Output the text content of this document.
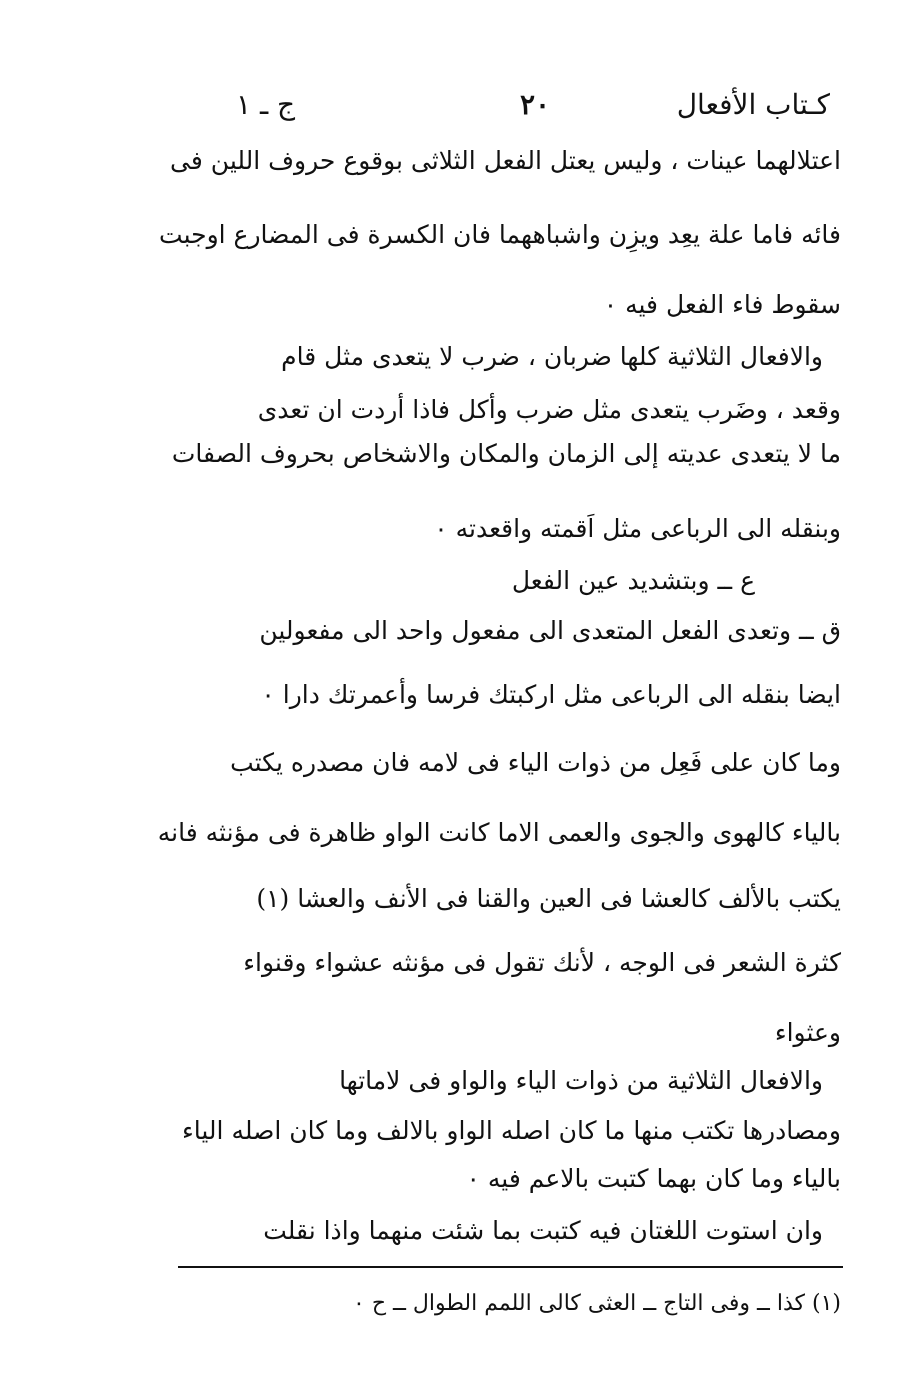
ج ـ ١	٢٠	كـتاب الأفعال
اعتلالهما عينات ، وليس يعتل الفعل الثلاثى بوقوع حروف اللين فى
فائه فاما علة يعِد ويزِن واشباههما فان الكسرة فى المضارع اوجبت
سقوط فاء الفعل فيه ٠
والافعال الثلاثية كلها ضربان ، ضرب لا يتعدى مثل قام
وقعد ، وضَرب يتعدى مثل ضرب وأكل فاذا أردت ان تعدى
ما لا يتعدى عديته إلى الزمان والمكان والاشخاص بحروف الصفات
وبنقله الى الرباعى مثل اَقمته واقعدته ٠
ع ــ وبتشديد عين الفعل
ق ــ وتعدى الفعل المتعدى الى مفعول واحد الى مفعولين
ايضا بنقله الى الرباعى مثل اركبتك فرسا وأعمرتك دارا ٠
وما كان على فَعِل من ذوات الياء فى لامه فان مصدره يكتب
بالياء كالهوى والجوى والعمى الاما كانت الواو ظاهرة فى مؤنثه فانه
يكتب بالألف كالعشا فى العين والقنا فى الأنف والعشا (١)
كثرة الشعر فى الوجه ، لأنك تقول فى مؤنثه عشواء وقنواء
وعثواء
والافعال الثلاثية من ذوات الياء والواو فى لاماتها
ومصادرها تكتب منها ما كان اصله الواو بالالف وما كان اصله الياء
بالياء وما كان بهما كتبت بالاعم فيه ٠
وان استوت اللغتان فيه كتبت بما شئت منهما واذا نقلت
(١) كذا ــ وفى التاج ــ العثى كالى اللمم الطوال ــ ح ٠
